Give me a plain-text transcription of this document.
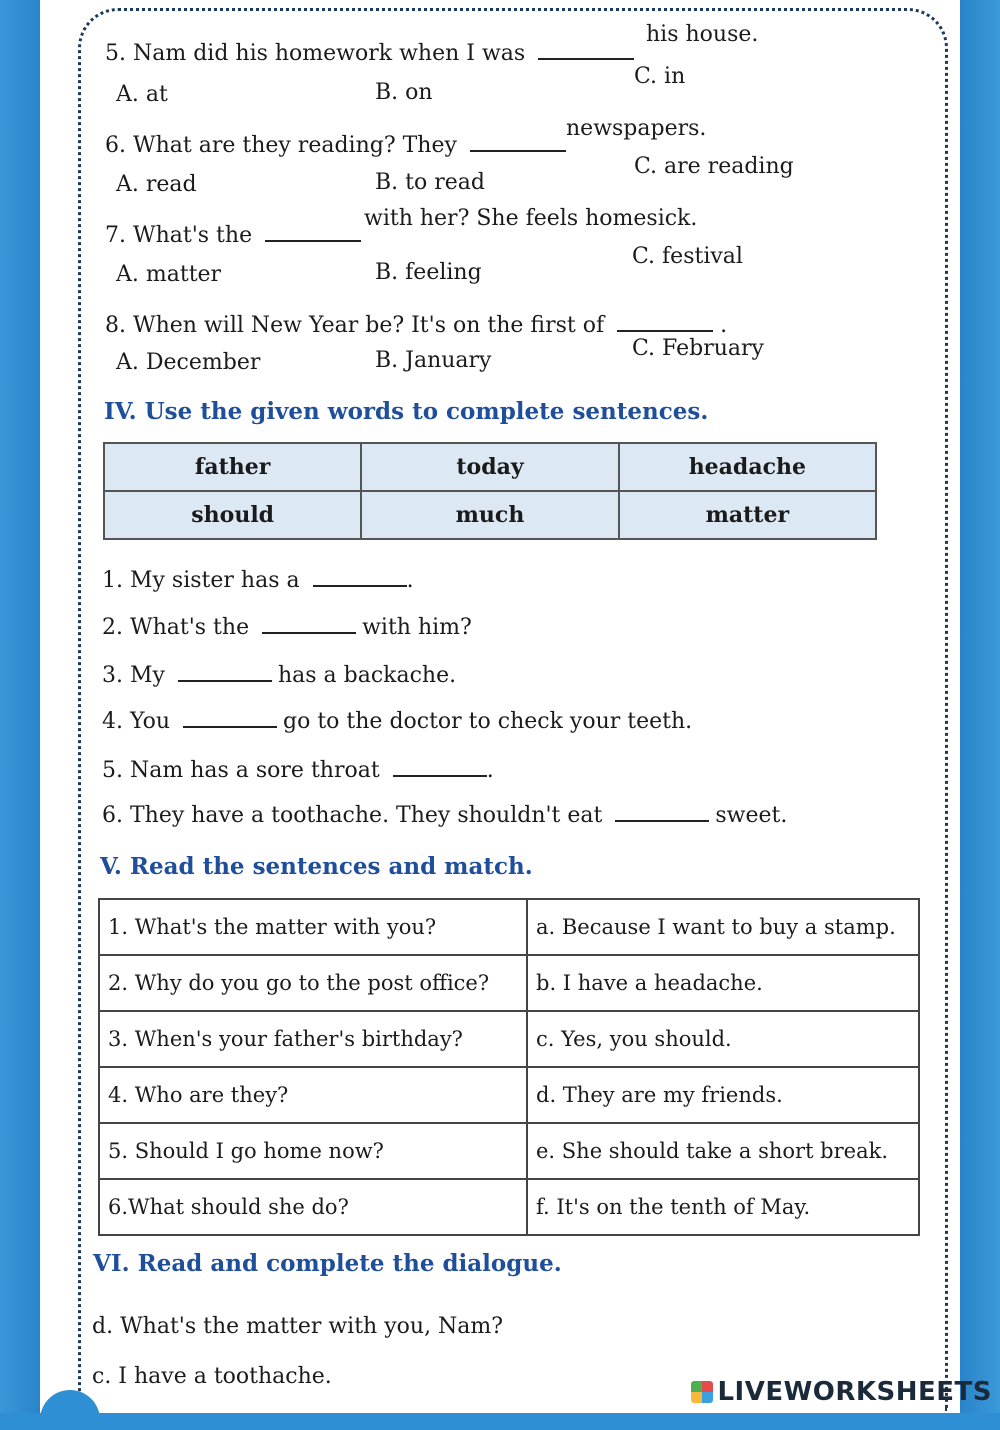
5. Nam did his homework when I was
his house.
A. at	B. on
C. in
6. What are they reading? They
newspapers.
A. read	B. to read
C. are reading
7. What's the
with her? She feels homesick.
A. matter	B. feeling
C. festival
8. When will New Year be? It's on the first of	.
A. December	B. January	C. February
IV. Use the given words to complete sentences.
father	today	headache
should	much	matter
1. My sister has a	.
2. What's the	with him?
3. My	has a backache.
4. You	go to the doctor to check your teeth.
5. Nam has a sore throat	.
6. They have a toothache. They shouldn't eat	sweet.
V. Read the sentences and match.
1. What's the matter with you?	a. Because I want to buy a stamp.
2. Why do you go to the post office?	b. I have a headache.
3. When's your father's birthday?	c. Yes, you should.
4. Who are they?	d. They are my friends.
5. Should I go home now?	e. She should take a short break.
6.What should she do?	f. It's on the tenth of May.
VI. Read and complete the dialogue.
d. What's the matter with you, Nam?
c. I have a toothache.
LIVEWORKSHEETS
